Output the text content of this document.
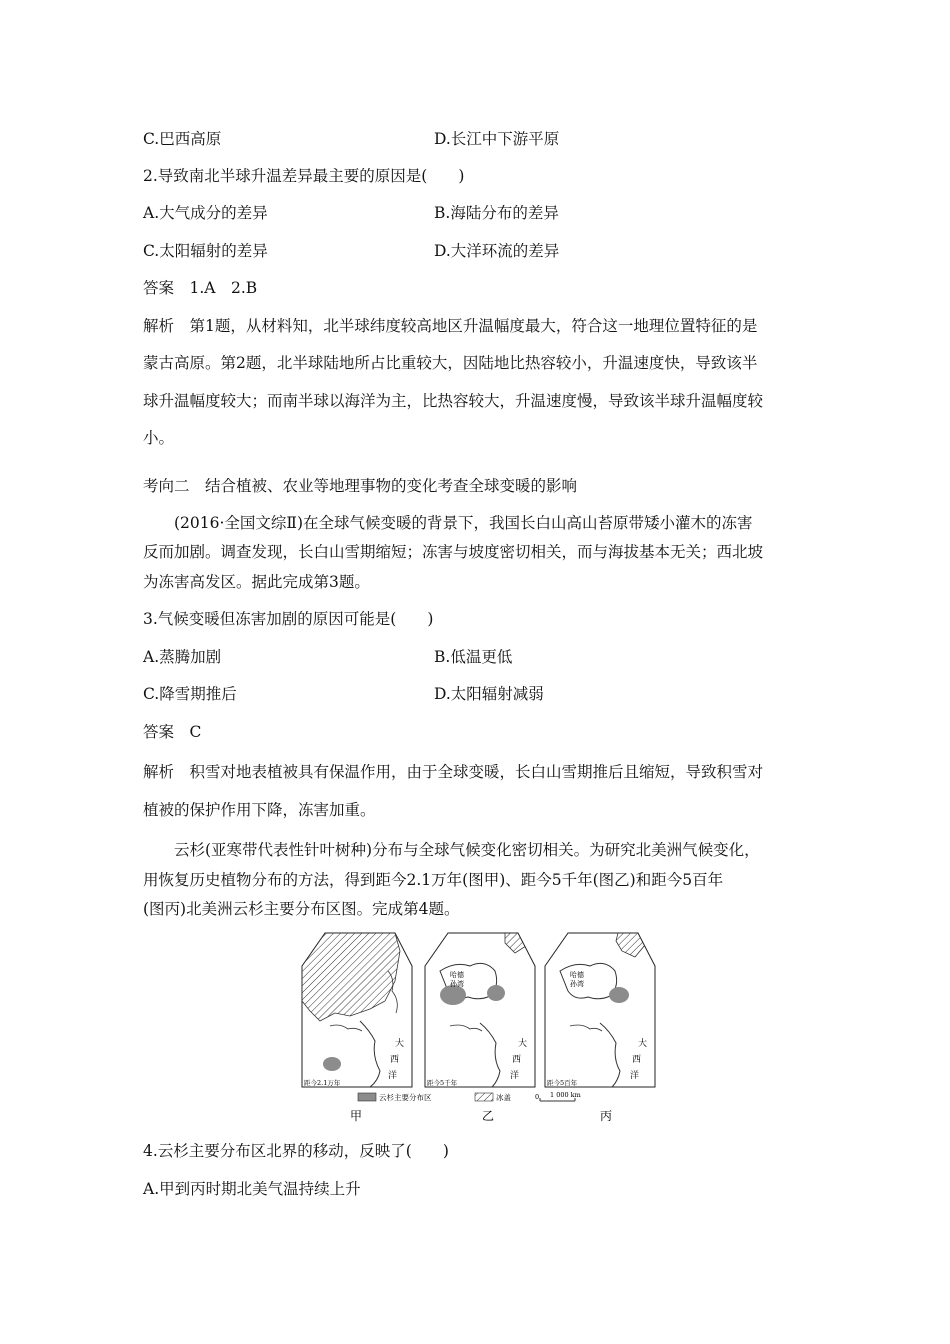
C.巴西高原	D.长江中下游平原
2.导致南北半球升温差异最主要的原因是(　　)
A.大气成分的差异	B.海陆分布的差异
C.太阳辐射的差异	D.大洋环流的差异
答案　1.A　2.B
解析　第1题，从材料知，北半球纬度较高地区升温幅度最大，符合这一地理位置特征的是
蒙古高原。第2题，北半球陆地所占比重较大，因陆地比热容较小，升温速度快，导致该半
球升温幅度较大；而南半球以海洋为主，比热容较大，升温速度慢，导致该半球升温幅度较
小。
考向二　结合植被、农业等地理事物的变化考查全球变暖的影响
(2016·全国文综Ⅱ)在全球气候变暖的背景下，我国长白山高山苔原带矮小灌木的冻害
反而加剧。调查发现，长白山雪期缩短；冻害与坡度密切相关，而与海拔基本无关；西北坡
为冻害高发区。据此完成第3题。
3.气候变暖但冻害加剧的原因可能是(　　)
A.蒸腾加剧	B.低温更低
C.降雪期推后	D.太阳辐射减弱
答案　C
解析　积雪对地表植被具有保温作用，由于全球变暖，长白山雪期推后且缩短，导致积雪对
植被的保护作用下降，冻害加重。
云杉(亚寒带代表性针叶树种)分布与全球气候变化密切相关。为研究北美洲气候变化，
用恢复历史植物分布的方法，得到距今2.1万年(图甲)、距今5千年(图乙)和距今5百年
(图丙)北美洲云杉主要分布区图。完成第4题。
大
西
洋
距今2.1万年
哈德
孙湾
大
西
洋
距今5千年
哈德
孙湾
大
西
洋
距今5百年
云杉主要分布区	冰盖	0 1 000 km
甲	乙	丙
4.云杉主要分布区北界的移动，反映了(　　)
A.甲到丙时期北美气温持续上升
